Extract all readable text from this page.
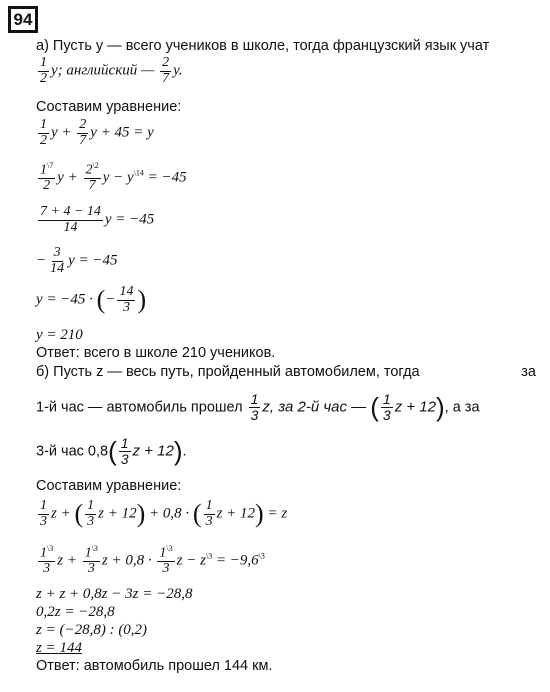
94
а) Пусть y — всего учеников в школе, тогда французский язык учат
$\frac{1}{2} y$; английский — $\frac{2}{7} y$.
Составим уравнение:
$\frac{1}{2}$ $y + \frac{2}{7}$ y + 45 = y
$\frac{1^{\backslash 7}}{2}$ $y + \frac{2^{\backslash 2}}{7}$ $y - y^{\backslash 14} = -45$
$\frac{7 + 4 - 14}{14}$ y = −45
− $\frac{3}{14}$ y = −45
y = −45 · (− $\frac{14}{3}$ )
y = 210
Ответ: всего в школе 210 учеников.
б) Пусть z — весь путь, пройденный автомобилем, тогда	за
1-й час — автомобиль прошел $\frac{1}{3} z$, за 2-й час — ( $\frac{1}{3}$ z + 12), а за
3-й час $0,8( \frac{1}{3}$ z + 12).
Составим уравнение:
$\frac{1}{3}$ z + ( $\frac{1}{3}$ z + 12) + 0,8 · ( $\frac{1}{3}$ z + 12) = z
$\frac{1^{\backslash 3}}{3}$ $z + \frac{1^{\backslash 3}}{3}$ $z + 0,8 \cdot \frac{1^{\backslash 3}}{3}$ $z - z^{\backslash 3} = -9,6^{\backslash 3}$
z + z + 0,8z − 3z = −28,8
0,2z = −28,8
z = (−28,8) : (0,2)
z = 144
Ответ: автомобиль прошел 144 км.
